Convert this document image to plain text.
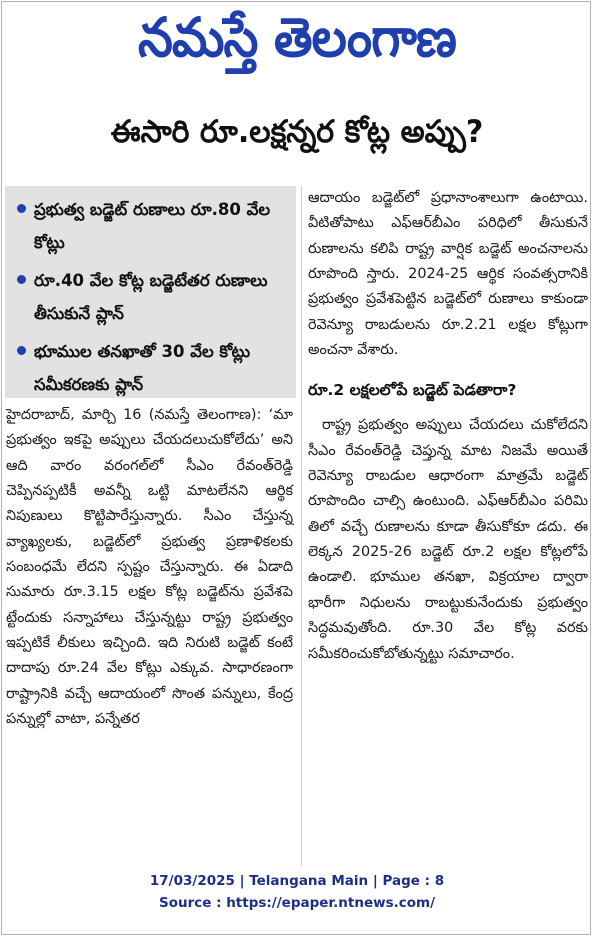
నమస్తే తెలంగాణ
ఈసారి రూ.లక్షన్నర కోట్ల అప్పు?
ప్రభుత్వ బడ్జెట్‌ రుణాలు రూ.80 వేల కోట్లు
రూ.40 వేల కోట్ల బడ్జెటేతర రుణాలు తీసుకునే ప్లాన్‌
భూముల తనఖాతో 30 వేల కోట్లు సమీకరణకు ప్లాన్‌

హైదరాబాద్‌, మార్చి 16 (నమస్తే తెలంగాణ): ‘మా ప్రభుత్వం ఇకపై అప్పులు చేయదలుచుకోలేదు’ అని ఆది వారం వరంగల్‌లో సీఎం రేవంత్‌రెడ్డి చెప్పినప్పటికీ అవన్నీ ఒట్టి మాటలేనని ఆర్థిక నిపుణులు కొట్టిపారేస్తున్నారు. సీఎం చేస్తున్న వ్యాఖ్యలకు, బడ్జెట్‌లో ప్రభుత్వ ప్రణాళికలకు సంబంధమే లేదని స్పష్టం చేస్తున్నారు. ఈ ఏడాది సుమారు రూ.3.15 లక్షల కోట్ల బడ్జెట్‌ను ప్రవేశపె ట్టేందుకు సన్నాహాలు చేస్తున్నట్టు రాష్ట్ర ప్రభుత్వం ఇప్పటికే లీకులు ఇచ్చింది. ఇది నిరుటి బడ్జెట్‌ కంటే దాదాపు రూ.24 వేల కోట్లు ఎక్కువ. సాధారణంగా రాష్ట్రానికి వచ్చే ఆదాయంలో సొంత పన్నులు, కేంద్ర పన్నుల్లో వాటా, పన్నేతర

ఆదాయం బడ్జెట్‌లో ప్రధానాంశాలుగా ఉంటాయి. వీటితోపాటు ఎఫ్‌ఆర్‌బీఎం పరిధిలో తీసుకునే రుణాలను కలిపి రాష్ట్ర వార్షిక బడ్జెట్‌ అంచనాలను రూపొంది స్తారు. 2024-25 ఆర్థిక సంవత్సరానికి ప్రభుత్వం ప్రవేశపెట్టిన బడ్జెట్‌లో రుణాలు కాకుండా రెవెన్యూ రాబడులను రూ.2.21 లక్షల కోట్లుగా అంచనా వేశారు.

రూ.2 లక్షలలోపే బడ్జెట్‌ పెడతారా?

రాష్ట్ర ప్రభుత్వం అప్పులు చేయదలు చుకోలేదని సీఎం రేవంత్‌రెడ్డి చెప్తున్న మాట నిజమే అయితే రెవెన్యూ రాబడుల ఆధారంగా మాత్రమే బడ్జెట్‌ రూపొందిం చాల్సి ఉంటుంది. ఎఫ్‌ఆర్‌బీఎం పరిమి తిలో వచ్చే రుణాలను కూడా తీసుకోకూ డదు. ఈ లెక్కన 2025-26 బడ్జెట్‌ రూ.2 లక్షల కోట్లలోపే ఉండాలి. భూముల తనఖా, విక్రయాల ద్వారా భారీగా నిధులను రాబట్టుకునేందుకు ప్రభుత్వం సిద్ధమవుతోంది. రూ.30 వేల కోట్ల వరకు సమీకరించుకోబోతున్నట్టు సమాచారం.

17/03/2025 | Telangana Main | Page : 8
Source : https://epaper.ntnews.com/
